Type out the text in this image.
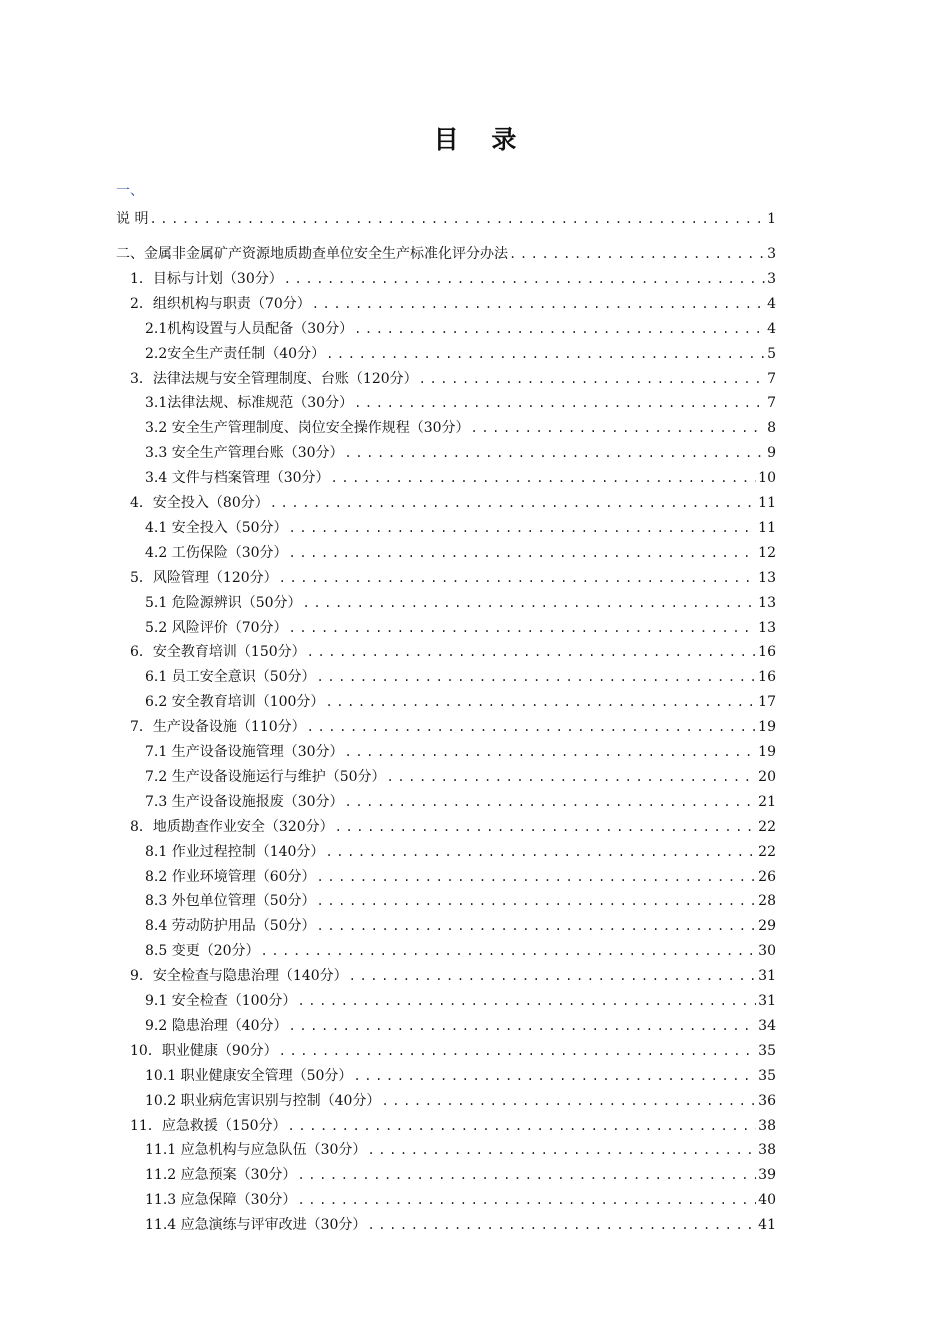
目 录
一、
说 明 .....	1
二、金属非金属矿产资源地质勘查单位安全生产标准化评分办法 .....	3
1．目标与计划（30分） .....	3
2．组织机构与职责（70分） .....	4
2.1机构设置与人员配备（30分） .....	4
2.2安全生产责任制（40分） .....	5
3．法律法规与安全管理制度、台账（120分） .....	7
3.1法律法规、标准规范（30分） .....	7
3.2 安全生产管理制度、岗位安全操作规程（30分） .....	8
3.3 安全生产管理台账（30分） .....	9
3.4 文件与档案管理（30分） .....	10
4．安全投入（80分） .....	11
4.1 安全投入（50分） .....	11
4.2 工伤保险（30分） .....	12
5．风险管理（120分） .....	13
5.1 危险源辨识（50分） .....	13
5.2 风险评价（70分） .....	13
6．安全教育培训（150分） .....	16
6.1 员工安全意识（50分） .....	16
6.2 安全教育培训（100分） .....	17
7．生产设备设施（110分） .....	19
7.1 生产设备设施管理（30分） .....	19
7.2 生产设备设施运行与维护（50分） .....	20
7.3 生产设备设施报废（30分） .....	21
8．地质勘查作业安全（320分） .....	22
8.1 作业过程控制（140分） .....	22
8.2 作业环境管理（60分） .....	26
8.3 外包单位管理（50分） .....	28
8.4 劳动防护用品（50分） .....	29
8.5 变更（20分） .....	30
9．安全检查与隐患治理（140分） .....	31
9.1 安全检查（100分） .....	31
9.2 隐患治理（40分） .....	34
10．职业健康（90分） .....	35
10.1 职业健康安全管理（50分） .....	35
10.2 职业病危害识别与控制（40分） .....	36
11．应急救援（150分） .....	38
11.1 应急机构与应急队伍（30分） .....	38
11.2 应急预案（30分） .....	39
11.3 应急保障（30分） .....	40
11.4 应急演练与评审改进（30分） .....	41
